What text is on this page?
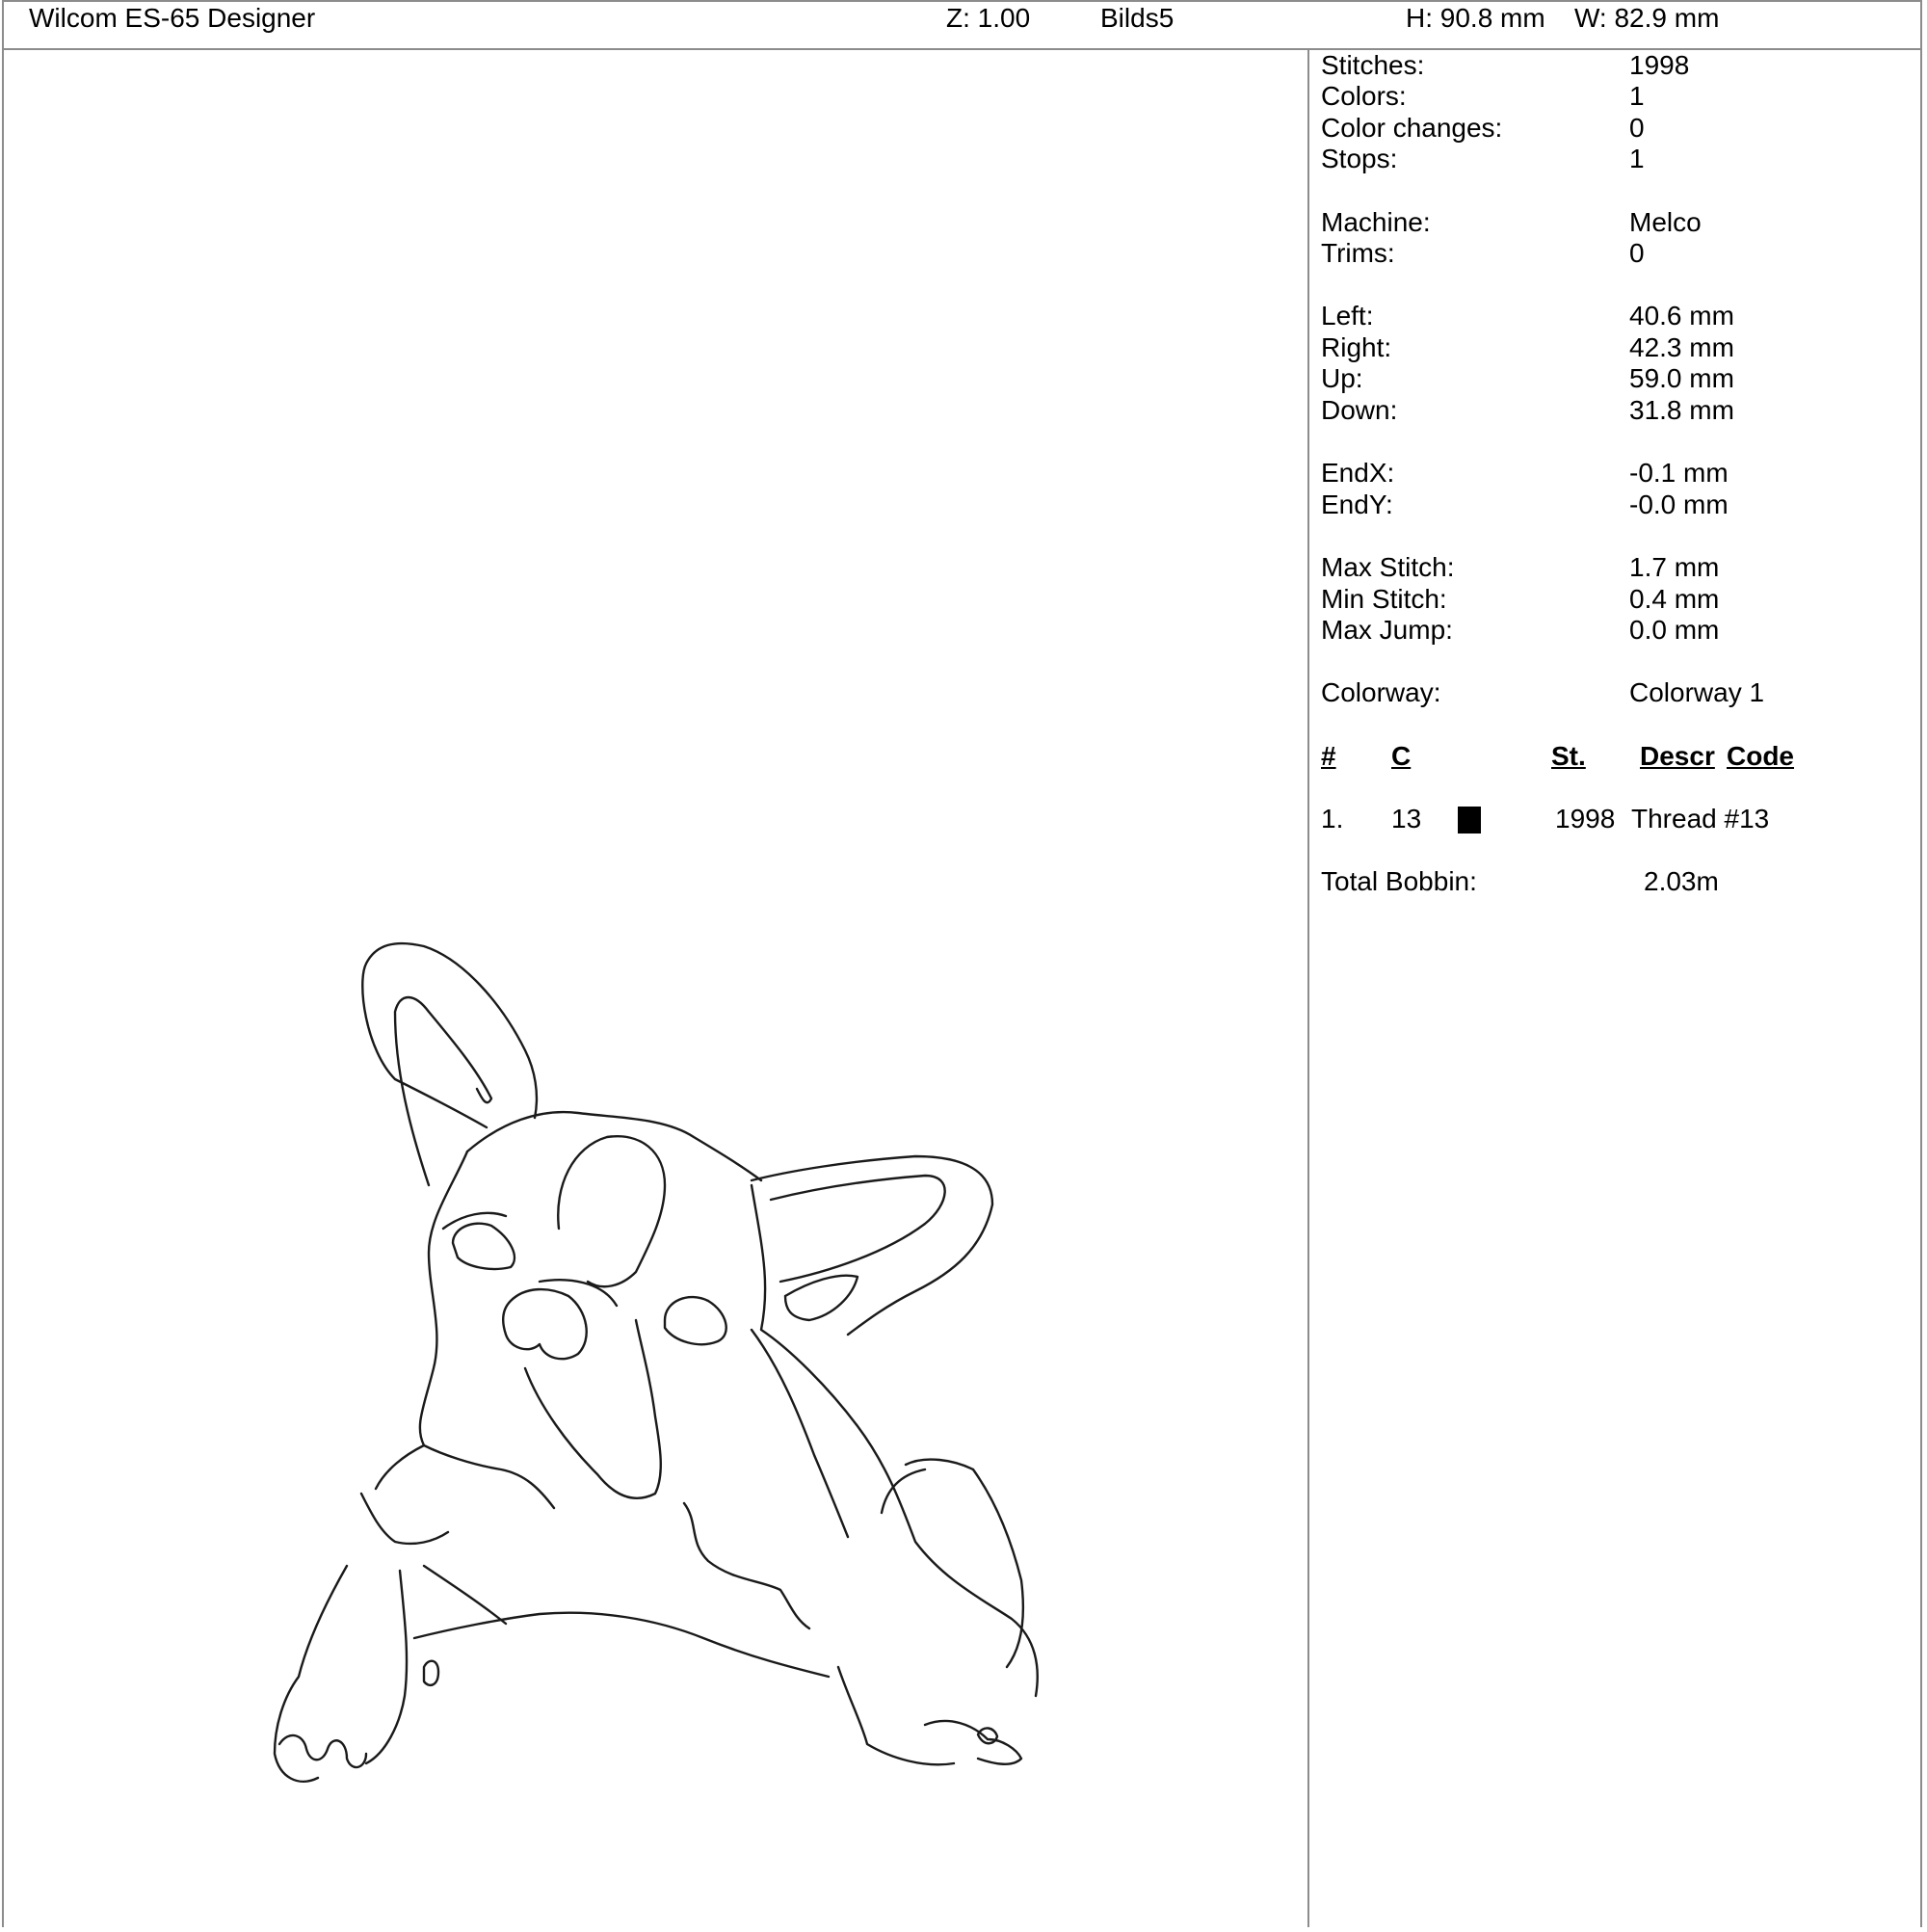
Wilcom ES-65 Designer	Z: 1.00	Bilds5	H: 90.8 mm W: 82.9 mm
Stitches:	1998
Colors:	1
Color changes:	0
Stops:	1
Machine:	Melco
Trims:	0
Left:	40.6 mm
Right:	42.3 mm
Up:	59.0 mm
Down:	31.8 mm
EndX:	-0.1 mm
EndY:	-0.0 mm
Max Stitch:	1.7 mm
Min Stitch:	0.4 mm
Max Jump:	0.0 mm
Colorway:	Colorway 1
# C	St. Descr Code
1. 13	1998 Thread #13
Total Bobbin:	2.03m
